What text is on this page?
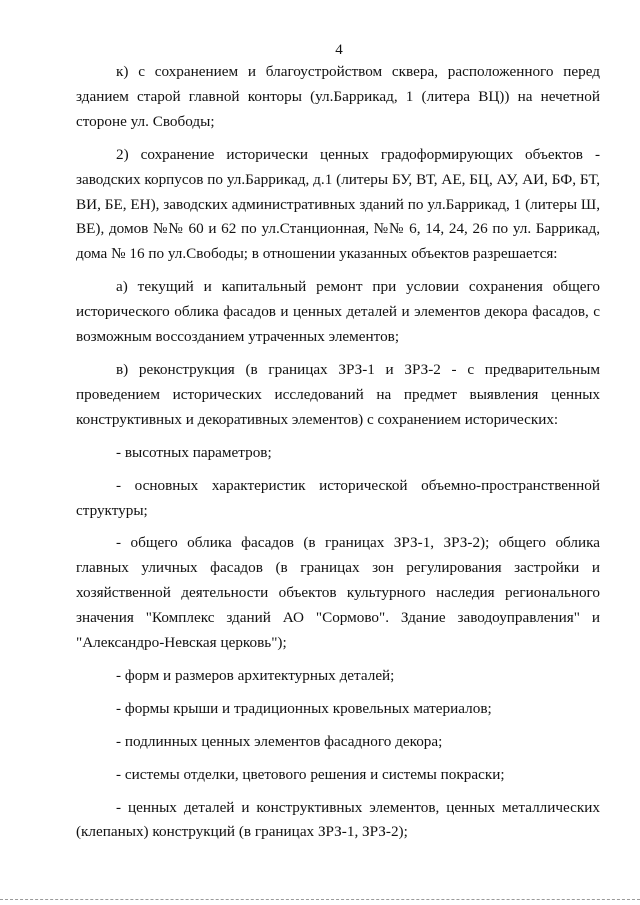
4

к) с сохранением и благоустройством сквера, расположенного перед зданием старой главной конторы (ул.Баррикад, 1 (литера ВЦ)) на нечетной стороне ул. Свободы;

2) сохранение исторически ценных градоформирующих объектов - заводских корпусов по ул.Баррикад, д.1 (литеры БУ, ВТ, АЕ, БЦ, АУ, АИ, БФ, БТ, ВИ, БЕ, ЕН), заводских административных зданий по ул.Баррикад, 1 (литеры Ш, ВЕ), домов №№ 60 и 62 по ул.Станционная, №№ 6, 14, 24, 26 по ул. Баррикад, дома № 16 по ул.Свободы; в отношении указанных объектов разрешается:

а) текущий и капитальный ремонт при условии сохранения общего исторического облика фасадов и ценных деталей и элементов декора фасадов, с возможным воссозданием утраченных элементов;

в) реконструкция (в границах ЗРЗ-1 и ЗРЗ-2 - с предварительным проведением исторических исследований на предмет выявления ценных конструктивных и декоративных элементов) с сохранением исторических:

- высотных параметров;

- основных характеристик исторической объемно-пространственной структуры;

- общего облика фасадов (в границах ЗРЗ-1, ЗРЗ-2); общего облика главных уличных фасадов (в границах зон регулирования застройки и хозяйственной деятельности объектов культурного наследия регионального значения "Комплекс зданий АО "Сормово". Здание заводоуправления" и "Александро-Невская церковь");

- форм и размеров архитектурных деталей;

- формы крыши и традиционных кровельных материалов;

- подлинных ценных элементов фасадного декора;

- системы отделки, цветового решения и системы покраски;

- ценных деталей и конструктивных элементов, ценных металлических (клепаных) конструкций (в границах ЗРЗ-1, ЗРЗ-2);
